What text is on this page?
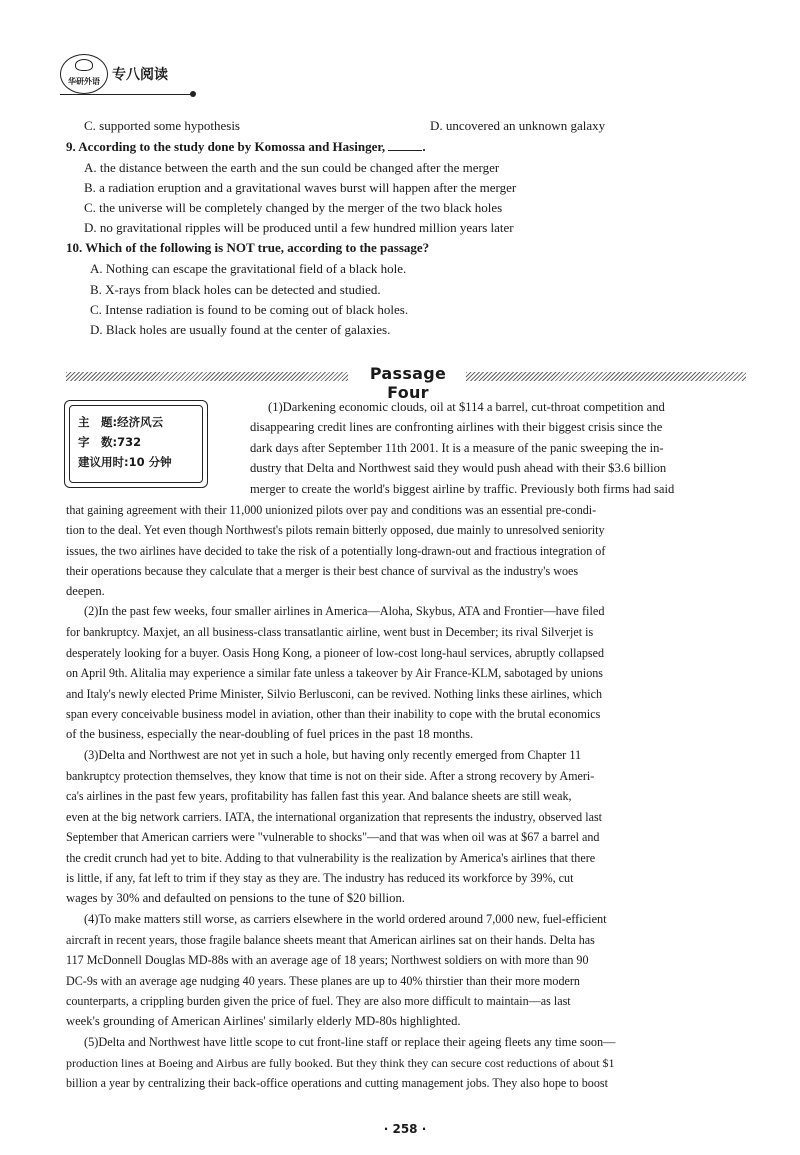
华研外语 专八阅读
C. supported some hypothesis	D. uncovered an unknown galaxy
9. According to the study done by Komossa and Hasinger,	.
A. the distance between the earth and the sun could be changed after the merger
B. a radiation eruption and a gravitational waves burst will happen after the merger
C. the universe will be completely changed by the merger of the two black holes
D. no gravitational ripples will be produced until a few hundred million years later
10. Which of the following is NOT true, according to the passage?
A. Nothing can escape the gravitational field of a black hole.
B. X-rays from black holes can be detected and studied.
C. Intense radiation is found to be coming out of black holes.
D. Black holes are usually found at the center of galaxies.
Passage Four
主　题:经济风云
字　数:732
建议用时:10 分钟
(1)Darkening economic clouds, oil at $114 a barrel, cut-throat competition and
disappearing credit lines are confronting airlines with their biggest crisis since the
dark days after September 11th 2001. It is a measure of the panic sweeping the in-
dustry that Delta and Northwest said they would push ahead with their $3.6 billion
merger to create the world's biggest airline by traffic. Previously both firms had said
that gaining agreement with their 11,000 unionized pilots over pay and conditions was an essential pre-condi-
tion to the deal. Yet even though Northwest's pilots remain bitterly opposed, due mainly to unresolved seniority
issues, the two airlines have decided to take the risk of a potentially long-drawn-out and fractious integration of
their operations because they calculate that a merger is their best chance of survival as the industry's woes
deepen.
(2)In the past few weeks, four smaller airlines in America—Aloha, Skybus, ATA and Frontier—have filed
for bankruptcy. Maxjet, an all business-class transatlantic airline, went bust in December; its rival Silverjet is
desperately looking for a buyer. Oasis Hong Kong, a pioneer of low-cost long-haul services, abruptly collapsed
on April 9th. Alitalia may experience a similar fate unless a takeover by Air France-KLM, sabotaged by unions
and Italy's newly elected Prime Minister, Silvio Berlusconi, can be revived. Nothing links these airlines, which
span every conceivable business model in aviation, other than their inability to cope with the brutal economics
of the business, especially the near-doubling of fuel prices in the past 18 months.
(3)Delta and Northwest are not yet in such a hole, but having only recently emerged from Chapter 11
bankruptcy protection themselves, they know that time is not on their side. After a strong recovery by Ameri-
ca's airlines in the past few years, profitability has fallen fast this year. And balance sheets are still weak,
even at the big network carriers. IATA, the international organization that represents the industry, observed last
September that American carriers were "vulnerable to shocks"—and that was when oil was at $67 a barrel and
the credit crunch had yet to bite. Adding to that vulnerability is the realization by America's airlines that there
is little, if any, fat left to trim if they stay as they are. The industry has reduced its workforce by 39%, cut
wages by 30% and defaulted on pensions to the tune of $20 billion.
(4)To make matters still worse, as carriers elsewhere in the world ordered around 7,000 new, fuel-efficient
aircraft in recent years, those fragile balance sheets meant that American airlines sat on their hands. Delta has
117 McDonnell Douglas MD-88s with an average age of 18 years; Northwest soldiers on with more than 90
DC-9s with an average age nudging 40 years. These planes are up to 40% thirstier than their more modern
counterparts, a crippling burden given the price of fuel. They are also more difficult to maintain—as last
week's grounding of American Airlines' similarly elderly MD-80s highlighted.
(5)Delta and Northwest have little scope to cut front-line staff or replace their ageing fleets any time soon—
production lines at Boeing and Airbus are fully booked. But they think they can secure cost reductions of about $1
billion a year by centralizing their back-office operations and cutting management jobs. They also hope to boost
· 258 ·
